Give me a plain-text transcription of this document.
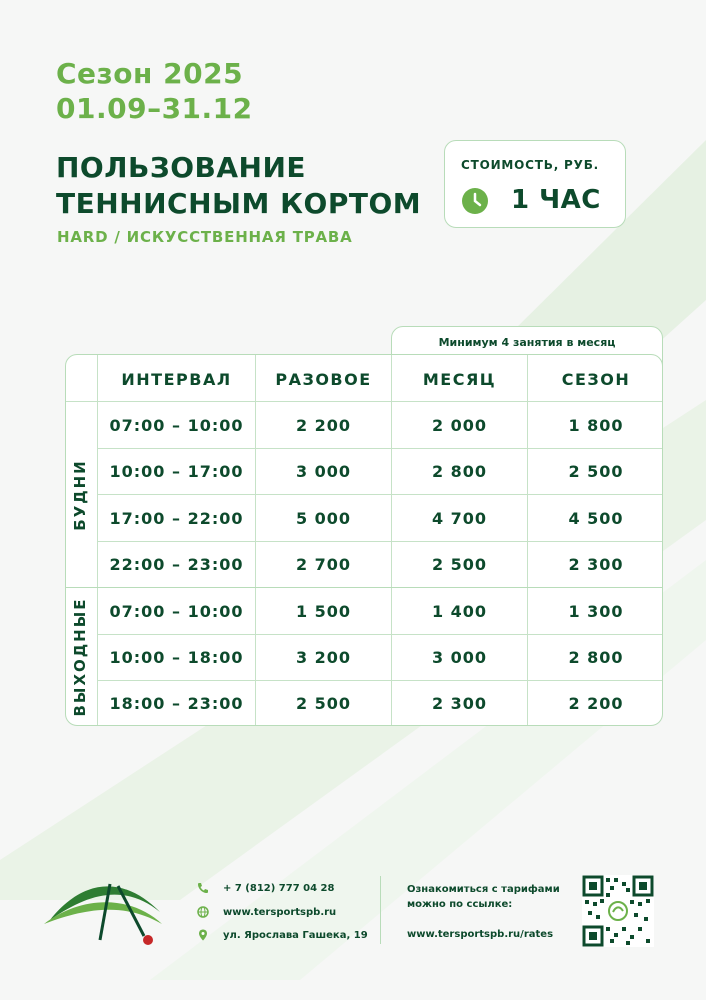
Сезон 2025
01.09–31.12
ПОЛЬЗОВАНИЕ
ТЕННИСНЫМ КОРТОМ
HARD / ИСКУССТВЕННАЯ ТРАВА
СТОИМОСТЬ, РУБ.
1 ЧАС
Минимум 4 занятия в месяц
ИНТЕРВАЛ	РАЗОВОЕ	МЕСЯЦ	СЕЗОН
БУДНИ
ВЫХОДНЫЕ
07:00 – 10:00	2 200	2 000	1 800
10:00 – 17:00	3 000	2 800	2 500
17:00 – 22:00	5 000	4 700	4 500
22:00 – 23:00	2 700	2 500	2 300
07:00 – 10:00	1 500	1 400	1 300
10:00 – 18:00	3 200	3 000	2 800
18:00 – 23:00	2 500	2 300	2 200
+ 7 (812) 777 04 28
www.tersportspb.ru
ул. Ярослава Гашека, 19
Ознакомиться с тарифами
можно по ссылке:
www.tersportspb.ru/rates
